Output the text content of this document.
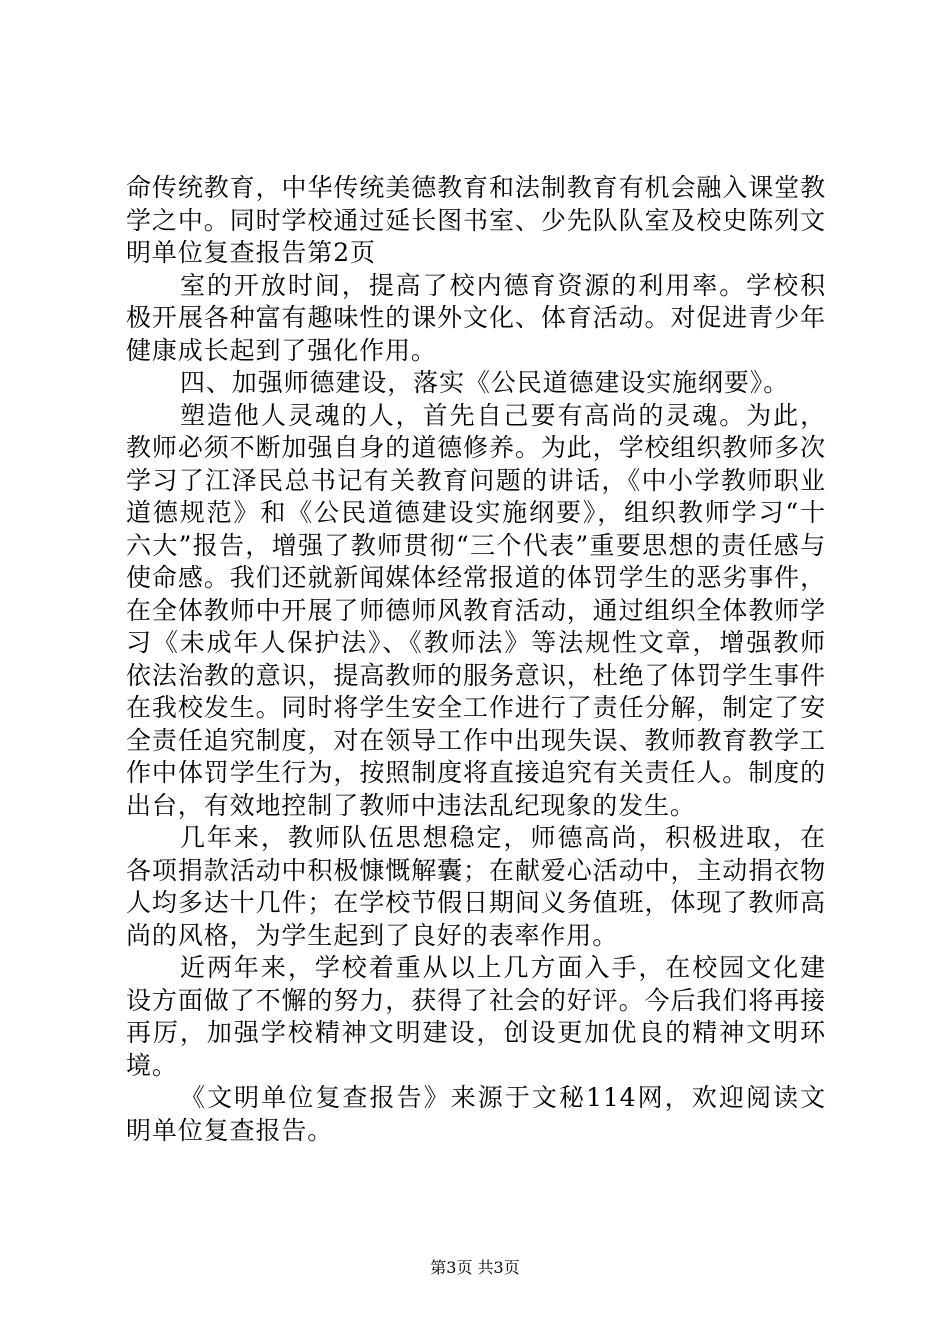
命传统教育，中华传统美德教育和法制教育有机会融入课堂教学之中。同时学校通过延长图书室、少先队队室及校史陈列文明单位复查报告第2页

室的开放时间，提高了校内德育资源的利用率。学校积极开展各种富有趣味性的课外文化、体育活动。对促进青少年健康成长起到了强化作用。

四、加强师德建设，落实《公民道德建设实施纲要》。

塑造他人灵魂的人，首先自己要有高尚的灵魂。为此，教师必须不断加强自身的道德修养。为此，学校组织教师多次学习了江泽民总书记有关教育问题的讲话，《中小学教师职业道德规范》和《公民道德建设实施纲要》，组织教师学习“十六大”报告，增强了教师贯彻“三个代表”重要思想的责任感与使命感。我们还就新闻媒体经常报道的体罚学生的恶劣事件，在全体教师中开展了师德师风教育活动，通过组织全体教师学习《未成年人保护法》、《教师法》等法规性文章，增强教师依法治教的意识，提高教师的服务意识，杜绝了体罚学生事件在我校发生。同时将学生安全工作进行了责任分解，制定了安全责任追究制度，对在领导工作中出现失误、教师教育教学工作中体罚学生行为，按照制度将直接追究有关责任人。制度的出台，有效地控制了教师中违法乱纪现象的发生。

几年来，教师队伍思想稳定，师德高尚，积极进取，在各项捐款活动中积极慷慨解囊；在献爱心活动中，主动捐衣物人均多达十几件；在学校节假日期间义务值班，体现了教师高尚的风格，为学生起到了良好的表率作用。

近两年来，学校着重从以上几方面入手，在校园文化建设方面做了不懈的努力，获得了社会的好评。今后我们将再接再厉，加强学校精神文明建设，创设更加优良的精神文明环境。

《文明单位复查报告》来源于文秘114网，欢迎阅读文明单位复查报告。

第3页 共3页
